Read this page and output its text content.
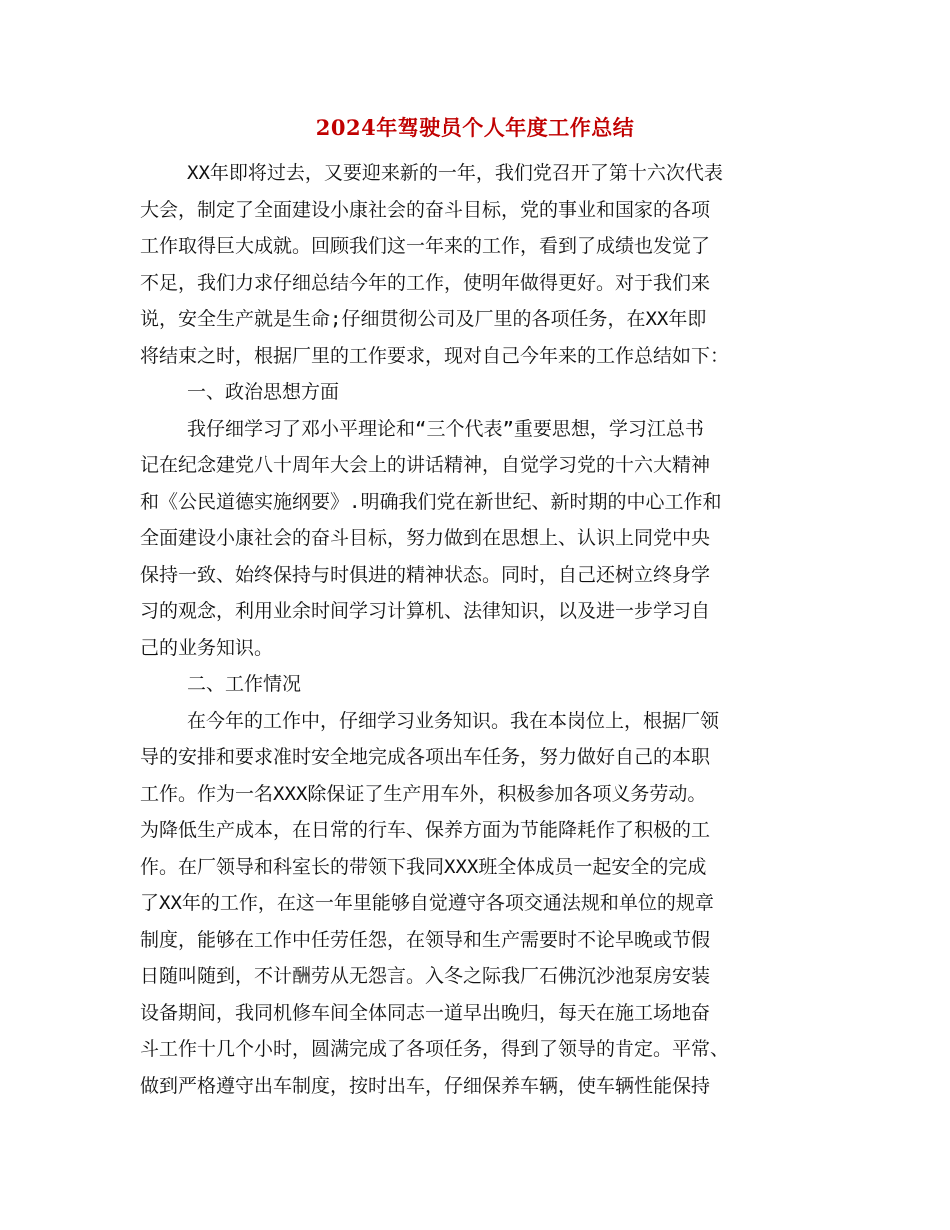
2024年驾驶员个人年度工作总结
XX年即将过去，又要迎来新的一年，我们党召开了第十六次代表
大会，制定了全面建设小康社会的奋斗目标，党的事业和国家的各项
工作取得巨大成就。回顾我们这一年来的工作，看到了成绩也发觉了
不足，我们力求仔细总结今年的工作，使明年做得更好。对于我们来
说，安全生产就是生命;仔细贯彻公司及厂里的各项任务，在XX年即
将结束之时，根据厂里的工作要求，现对自己今年来的工作总结如下：
一、政治思想方面
我仔细学习了邓小平理论和“三个代表”重要思想，学习江总书
记在纪念建党八十周年大会上的讲话精神，自觉学习党的十六大精神
和《公民道德实施纲要》.明确我们党在新世纪、新时期的中心工作和
全面建设小康社会的奋斗目标，努力做到在思想上、认识上同党中央
保持一致、始终保持与时俱进的精神状态。同时，自己还树立终身学
习的观念，利用业余时间学习计算机、法律知识，以及进一步学习自
己的业务知识。
二、工作情况
在今年的工作中，仔细学习业务知识。我在本岗位上，根据厂领
导的安排和要求准时安全地完成各项出车任务，努力做好自己的本职
工作。作为一名XXX除保证了生产用车外，积极参加各项义务劳动。
为降低生产成本，在日常的行车、保养方面为节能降耗作了积极的工
作。在厂领导和科室长的带领下我同XXX班全体成员一起安全的完成
了XX年的工作，在这一年里能够自觉遵守各项交通法规和单位的规章
制度，能够在工作中任劳任怨，在领导和生产需要时不论早晚或节假
日随叫随到，不计酬劳从无怨言。入冬之际我厂石佛沉沙池泵房安装
设备期间，我同机修车间全体同志一道早出晚归，每天在施工场地奋
斗工作十几个小时，圆满完成了各项任务，得到了领导的肯定。平常、
做到严格遵守出车制度，按时出车，仔细保养车辆，使车辆性能保持
